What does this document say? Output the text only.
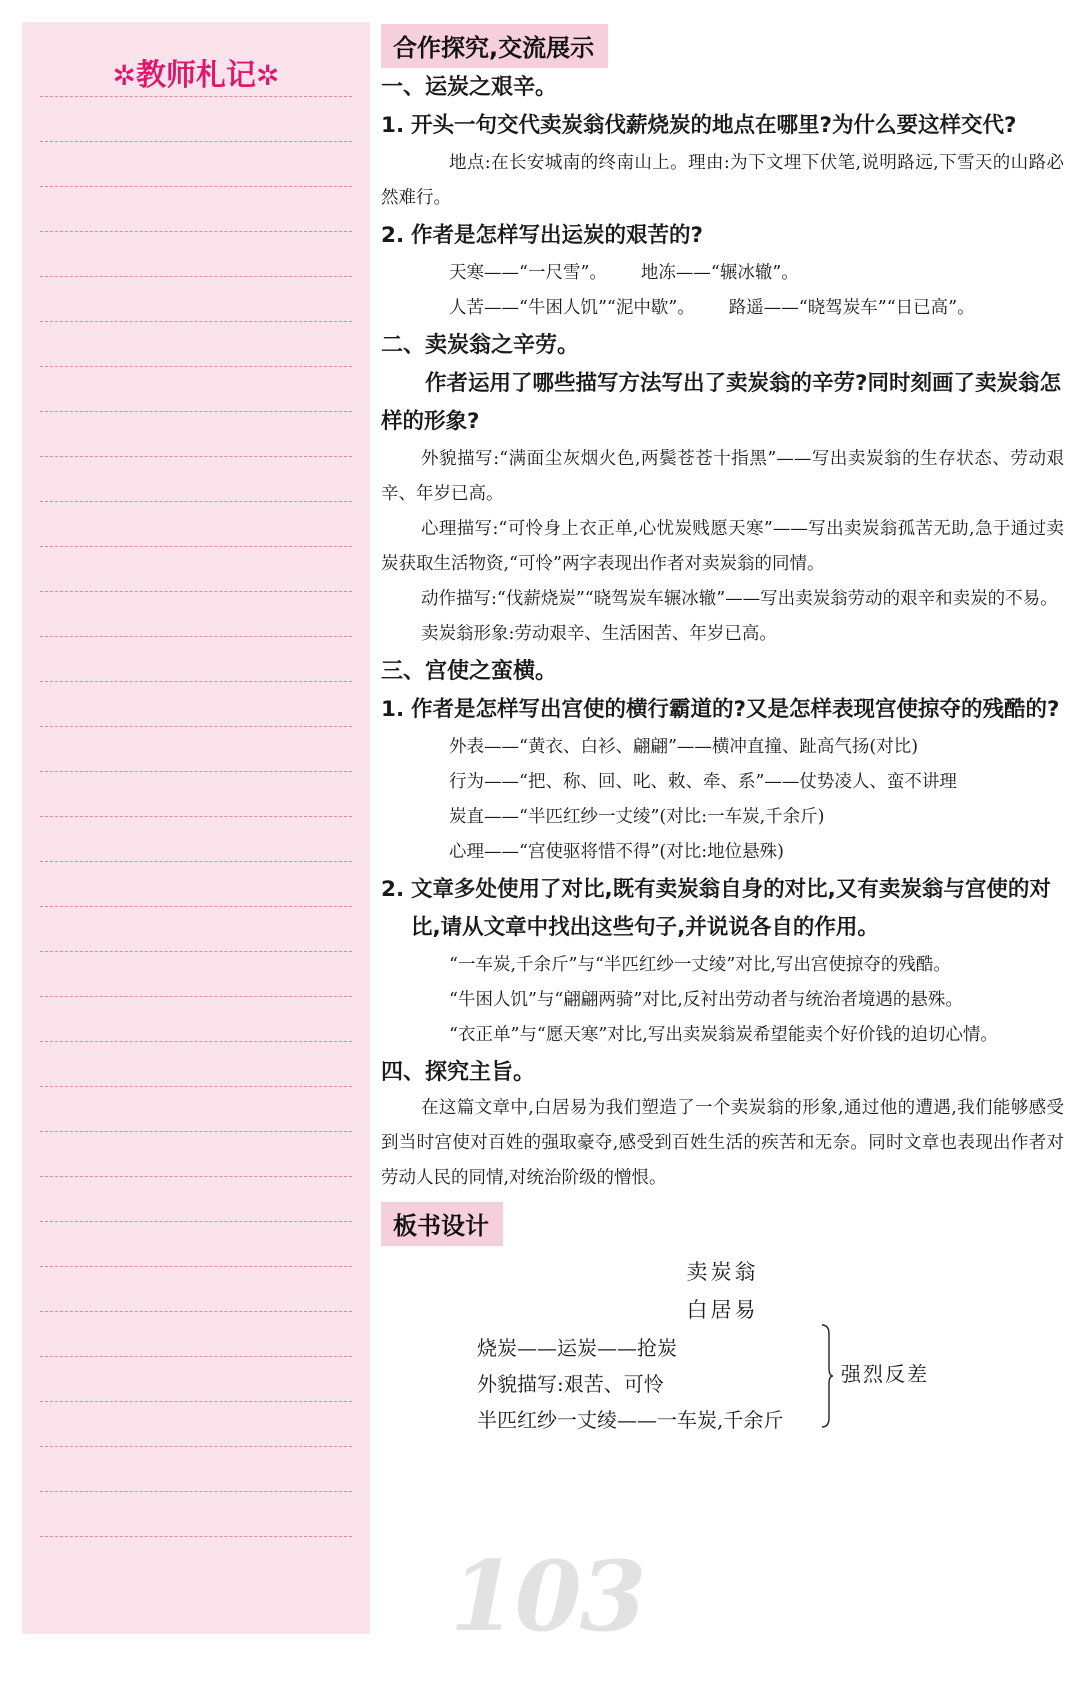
✲教师札记✲
103
合作探究,交流展示
一、运炭之艰辛。
1. 开头一句交代卖炭翁伐薪烧炭的地点在哪里?为什么要这样交代?

地点:在长安城南的终南山上。理由:为下文埋下伏笔,说明路远,下雪天的山路必然难行。

2. 作者是怎样写出运炭的艰苦的?

天寒——“一尺雪”。 地冻——“辗冰辙”。

人苦——“牛困人饥”“泥中歇”。 路遥——“晓驾炭车”“日已高”。

二、卖炭翁之辛劳。
作者运用了哪些描写方法写出了卖炭翁的辛劳?同时刻画了卖炭翁怎样的形象?

外貌描写:“满面尘灰烟火色,两鬓苍苍十指黑”——写出卖炭翁的生存状态、劳动艰辛、年岁已高。

心理描写:“可怜身上衣正单,心忧炭贱愿天寒”——写出卖炭翁孤苦无助,急于通过卖炭获取生活物资,“可怜”两字表现出作者对卖炭翁的同情。

动作描写:“伐薪烧炭”“晓驾炭车辗冰辙”——写出卖炭翁劳动的艰辛和卖炭的不易。

卖炭翁形象:劳动艰辛、生活困苦、年岁已高。

三、宫使之蛮横。
1. 作者是怎样写出宫使的横行霸道的?又是怎样表现宫使掠夺的残酷的?

外表——“黄衣、白衫、翩翩”——横冲直撞、趾高气扬(对比)

行为——“把、称、回、叱、敕、牵、系”——仗势凌人、蛮不讲理

炭直——“半匹红纱一丈绫”(对比:一车炭,千余斤)

心理——“宫使驱将惜不得”(对比:地位悬殊)

2. 文章多处使用了对比,既有卖炭翁自身的对比,又有卖炭翁与宫使的对比,请从文章中找出这些句子,并说说各自的作用。

“一车炭,千余斤”与“半匹红纱一丈绫”对比,写出宫使掠夺的残酷。

“牛困人饥”与“翩翩两骑”对比,反衬出劳动者与统治者境遇的悬殊。

“衣正单”与“愿天寒”对比,写出卖炭翁炭希望能卖个好价钱的迫切心情。

四、探究主旨。

在这篇文章中,白居易为我们塑造了一个卖炭翁的形象,通过他的遭遇,我们能够感受到当时宫使对百姓的强取豪夺,感受到百姓生活的疾苦和无奈。同时文章也表现出作者对劳动人民的同情,对统治阶级的憎恨。

板书设计
卖炭翁
白居易
烧炭——运炭——抢炭
外貌描写:艰苦、可怜
半匹红纱一丈绫——一车炭,千余斤
强烈反差
